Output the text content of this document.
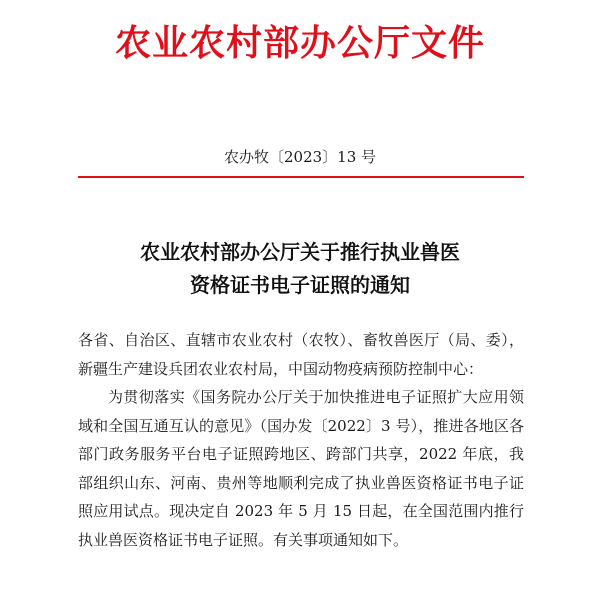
农业农村部办公厅文件
农办牧〔2023〕13 号
农业农村部办公厅关于推行执业兽医
资格证书电子证照的通知

各省、自治区、直辖市农业农村（农牧）、畜牧兽医厅（局、委），新疆生产建设兵团农业农村局，中国动物疫病预防控制中心：

为贯彻落实《国务院办公厅关于加快推进电子证照扩大应用领域和全国互通互认的意见》（国办发〔2022〕3 号），推进各地区各部门政务服务平台电子证照跨地区、跨部门共享，2022 年底，我部组织山东、河南、贵州等地顺利完成了执业兽医资格证书电子证照应用试点。现决定自 2023 年 5 月 15 日起，在全国范围内推行执业兽医资格证书电子证照。有关事项通知如下。
